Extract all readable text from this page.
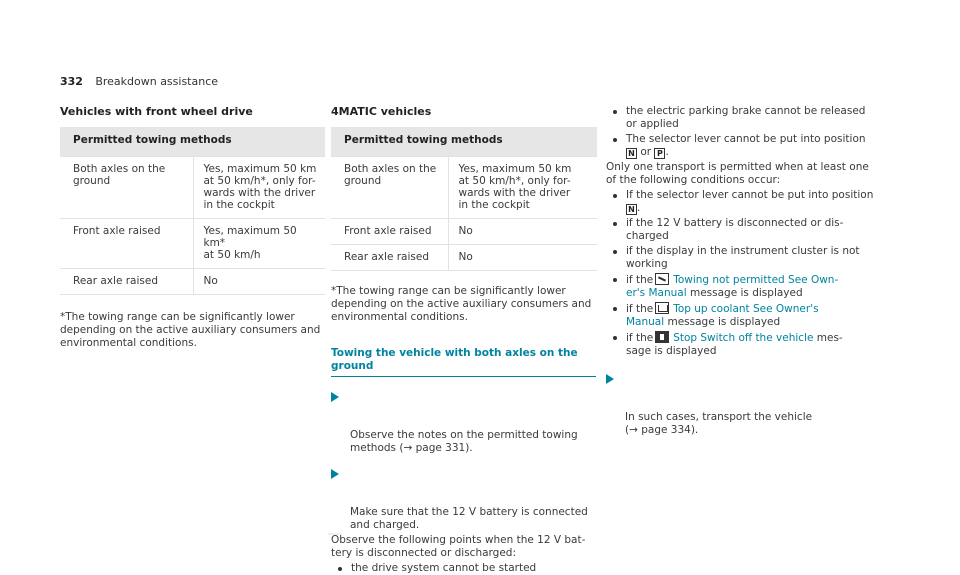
332 Breakdown assistance
Vehicles with front wheel drive
Permitted towing methods	
Both axles on the
ground	Yes, maximum 50 km
at 50 km/h*, only for-
wards with the driver
in the cockpit
Front axle raised	Yes, maximum 50 km*
at 50 km/h
Rear axle raised	No
*The towing range can be significantly lower
depending on the active auxiliary consumers and
environmental conditions.
4MATIC vehicles
Permitted towing methods	
Both axles on the
ground	Yes, maximum 50 km
at 50 km/h*, only for-
wards with the driver
in the cockpit
Front axle raised	No
Rear axle raised	No
*The towing range can be significantly lower
depending on the active auxiliary consumers and
environmental conditions.
Towing the vehicle with both axles on the ground

Observe the notes on the permitted towing
methods (→ page 331).

Make sure that the 12 V battery is connected
and charged.

Observe the following points when the 12 V bat-
tery is disconnected or discharged:
the drive system cannot be started
the electric parking brake cannot be released
or applied
The selector lever cannot be put into position
N or P .
Only one transport is permitted when at least one
of the following conditions occur:
If the selector lever cannot be put into position
N .
if the 12 V battery is disconnected or dis-
charged
if the display in the instrument cluster is not
working
if the Towing not permitted See Own-
er's Manual message is displayed
if the Top up coolant See Owner's
Manual message is displayed
if the Stop Switch off the vehicle mes-
sage is displayed

In such cases, transport the vehicle
(→ page 334).
